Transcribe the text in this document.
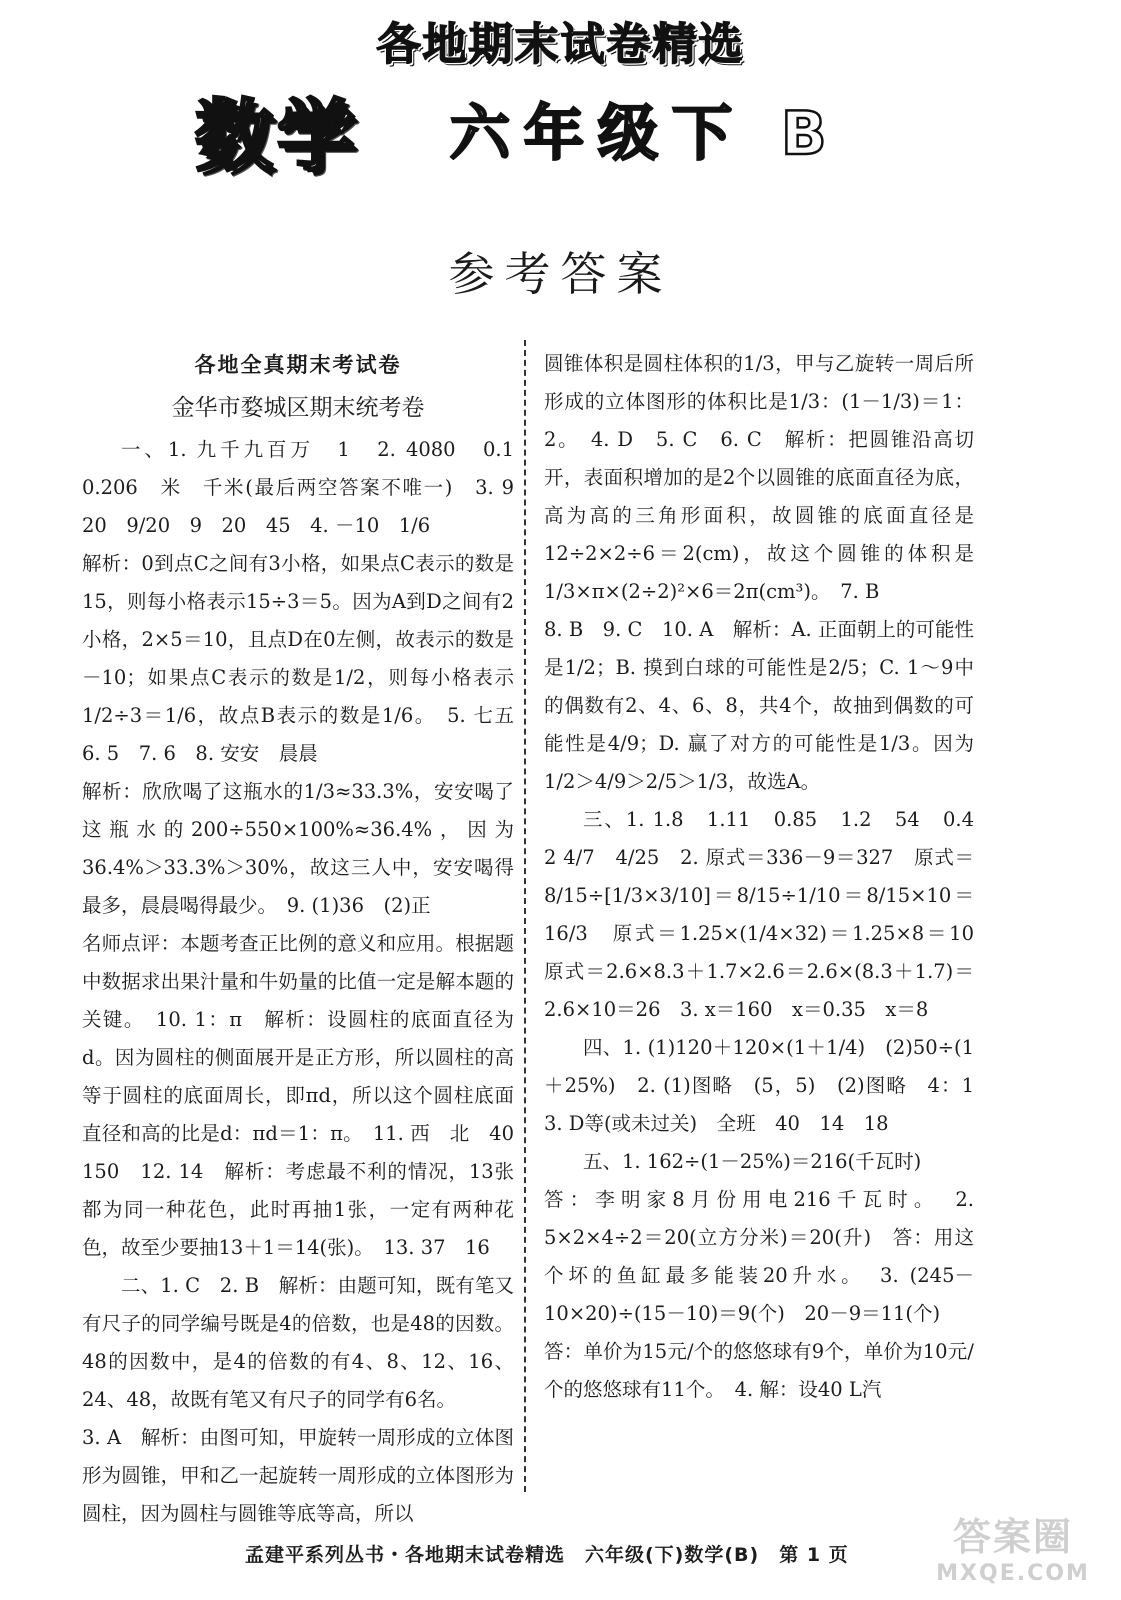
各地期末试卷精选
数学 六年级下 B
参考答案

各地全真期末考试卷

金华市婺城区期末统考卷

一、1. 九千九百万　1　2. 4080　0.1　0.206　米　千米(最后两空答案不唯一)　3. 9　20　9/20　9　20　45　4. －10　1/6

解析：0到点C之间有3小格，如果点C表示的数是15，则每小格表示15÷3＝5。因为A到D之间有2小格，2×5＝10，且点D在0左侧，故表示的数是－10；如果点C表示的数是1/2，则每小格表示1/2÷3＝1/6，故点B表示的数是1/6。　5. 七五　6. 5　7. 6　8. 安安　晨晨

解析：欣欣喝了这瓶水的1/3≈33.3%，安安喝了这瓶水的200÷550×100%≈36.4%，因为36.4%＞33.3%＞30%，故这三人中，安安喝得最多，晨晨喝得最少。　9. (1)36　(2)正

名师点评：本题考查正比例的意义和应用。根据题中数据求出果汁量和牛奶量的比值一定是解本题的关键。　10. 1：π　解析：设圆柱的底面直径为d。因为圆柱的侧面展开是正方形，所以圆柱的高等于圆柱的底面周长，即πd，所以这个圆柱底面直径和高的比是d：πd＝1：π。　11. 西　北　40　150　12. 14　解析：考虑最不利的情况，13张都为同一种花色，此时再抽1张，一定有两种花色，故至少要抽13＋1＝14(张)。　13. 37　16

二、1. C　2. B　解析：由题可知，既有笔又有尺子的同学编号既是4的倍数，也是48的因数。48的因数中，是4的倍数的有4、8、12、16、24、48，故既有笔又有尺子的同学有6名。

3. A　解析：由图可知，甲旋转一周形成的立体图形为圆锥，甲和乙一起旋转一周形成的立体图形为圆柱，因为圆柱与圆锥等底等高，所以

圆锥体积是圆柱体积的1/3，甲与乙旋转一周后所形成的立体图形的体积比是1/3：(1－1/3)＝1：2。　4. D　5. C　6. C　解析：把圆锥沿高切开，表面积增加的是2个以圆锥的底面直径为底，高为高的三角形面积，故圆锥的底面直径是12÷2×2÷6＝2(cm)，故这个圆锥的体积是1/3×π×(2÷2)²×6＝2π(cm³)。　7. B

8. B　9. C　10. A　解析：A. 正面朝上的可能性是1/2；B. 摸到白球的可能性是2/5；C. 1～9中的偶数有2、4、6、8，共4个，故抽到偶数的可能性是4/9；D. 赢了对方的可能性是1/3。因为1/2＞4/9＞2/5＞1/3，故选A。

三、1. 1.8　1.11　0.85　1.2　54　0.4　2 4/7　4/25　2. 原式＝336－9＝327　原式＝8/15÷[1/3×3/10]＝8/15÷1/10＝8/15×10＝16/3　原式＝1.25×(1/4×32)＝1.25×8＝10　原式＝2.6×8.3＋1.7×2.6＝2.6×(8.3＋1.7)＝2.6×10＝26　3. x＝160　x＝0.35　x＝8

四、1. (1)120＋120×(1＋1/4)　(2)50÷(1＋25%)　2. (1)图略　(5，5)　(2)图略　4：1　3. D等(或未过关)　全班　40　14　18

五、1. 162÷(1－25%)＝216(千瓦时)

答：李明家8月份用电216千瓦时。　2. 5×2×4÷2＝20(立方分米)＝20(升)　答：用这个坏的鱼缸最多能装20升水。　3. (245－10×20)÷(15－10)＝9(个)　20－9＝11(个)

答：单价为15元/个的悠悠球有9个，单价为10元/个的悠悠球有11个。　4. 解：设40 L汽

孟建平系列丛书・各地期末试卷精选　六年级(下)数学(B)　第 1 页	答案圈
MXQE.COM
